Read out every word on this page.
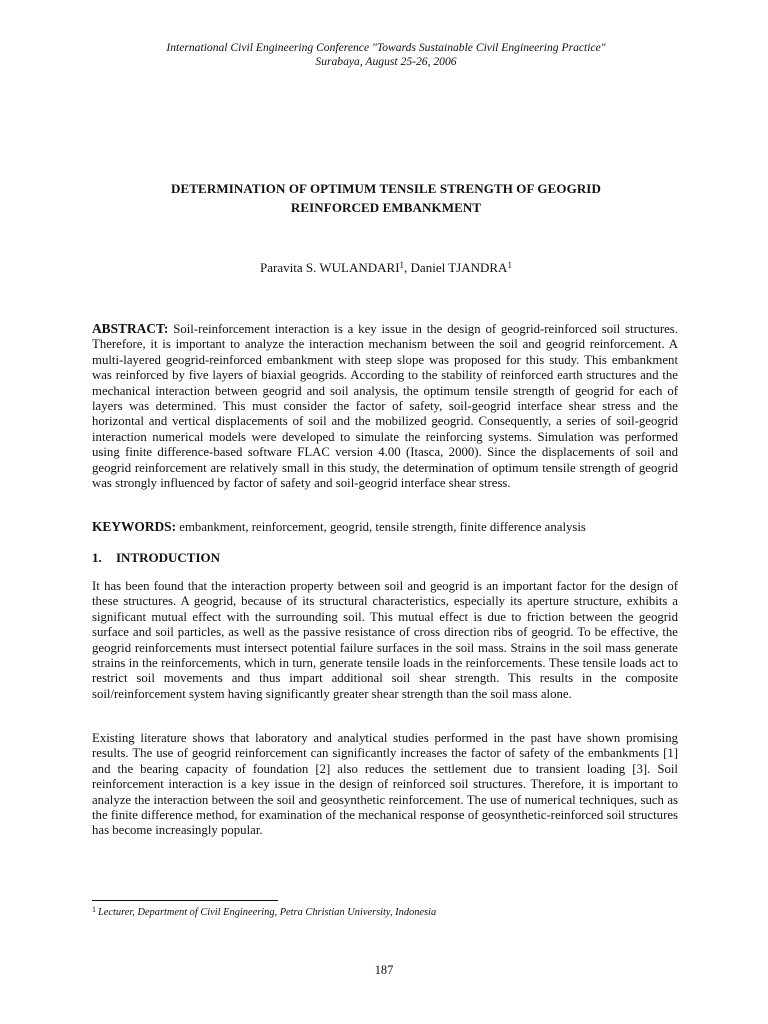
International Civil Engineering Conference "Towards Sustainable Civil Engineering Practice"
Surabaya, August 25-26, 2006
DETERMINATION OF OPTIMUM TENSILE STRENGTH OF GEOGRID
REINFORCED EMBANKMENT
Paravita S. WULANDARI$^1$, Daniel TJANDRA$^1$

ABSTRACT: Soil-reinforcement interaction is a key issue in the design of geogrid-reinforced soil structures. Therefore, it is important to analyze the interaction mechanism between the soil and geogrid reinforcement. A multi-layered geogrid-reinforced embankment with steep slope was proposed for this study. This embankment was reinforced by five layers of biaxial geogrids. According to the stability of reinforced earth structures and the mechanical interaction between geogrid and soil analysis, the optimum tensile strength of geogrid for each of layers was determined. This must consider the factor of safety, soil-geogrid interface shear stress and the horizontal and vertical displacements of soil and the mobilized geogrid. Consequently, a series of soil-geogrid interaction numerical models were developed to simulate the reinforcing systems. Simulation was performed using finite difference-based software FLAC version 4.00 (Itasca, 2000). Since the displacements of soil and geogrid reinforcement are relatively small in this study, the determination of optimum tensile strength of geogrid was strongly influenced by factor of safety and soil-geogrid interface shear stress.

KEYWORDS: embankment, reinforcement, geogrid, tensile strength, finite difference analysis

1. INTRODUCTION

It has been found that the interaction property between soil and geogrid is an important factor for the design of these structures. A geogrid, because of its structural characteristics, especially its aperture structure, exhibits a significant mutual effect with the surrounding soil. This mutual effect is due to friction between the geogrid surface and soil particles, as well as the passive resistance of cross direction ribs of geogrid. To be effective, the geogrid reinforcements must intersect potential failure surfaces in the soil mass. Strains in the soil mass generate strains in the reinforcements, which in turn, generate tensile loads in the reinforcements. These tensile loads act to restrict soil movements and thus impart additional soil shear strength. This results in the composite soil/reinforcement system having significantly greater shear strength than the soil mass alone.

Existing literature shows that laboratory and analytical studies performed in the past have shown promising results. The use of geogrid reinforcement can significantly increases the factor of safety of the embankments [1] and the bearing capacity of foundation [2] also reduces the settlement due to transient loading [3]. Soil reinforcement interaction is a key issue in the design of reinforced soil structures. Therefore, it is important to analyze the interaction between the soil and geosynthetic reinforcement. The use of numerical techniques, such as the finite difference method, for examination of the mechanical response of geosynthetic-reinforced soil structures has become increasingly popular.

$^1$ Lecturer, Department of Civil Engineering, Petra Christian University, Indonesia
187
